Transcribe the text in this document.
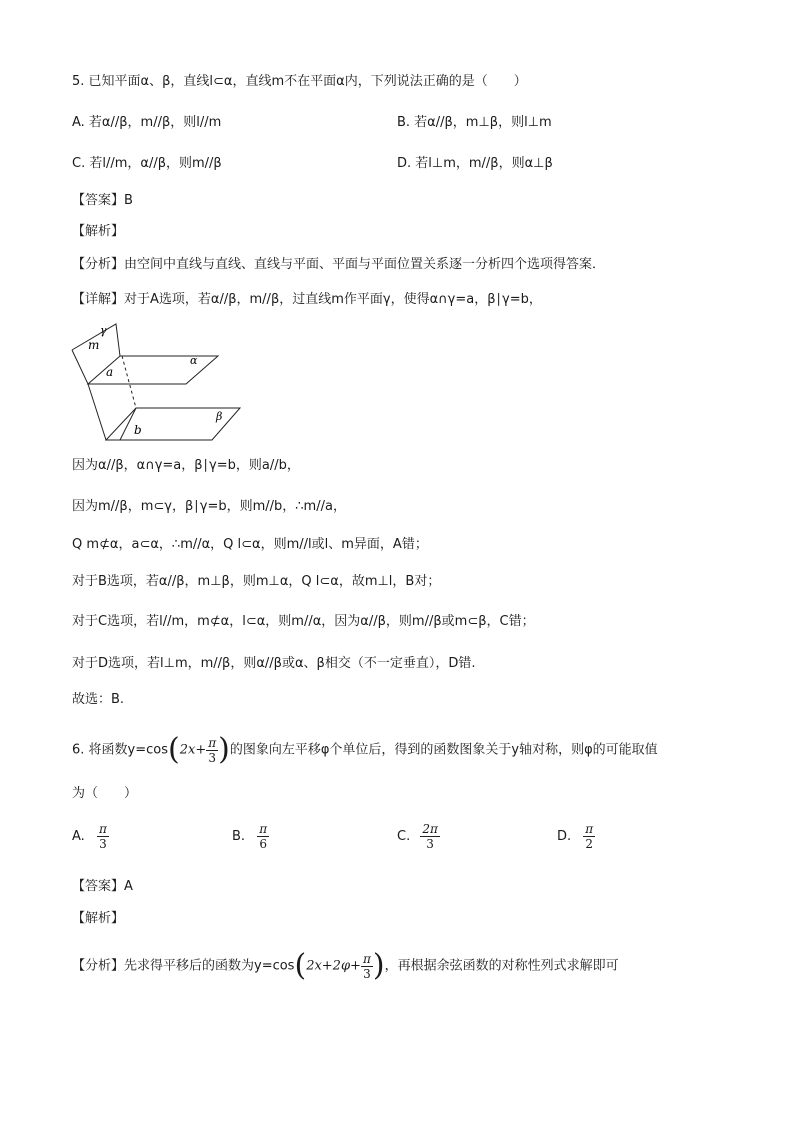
5. 已知平面α、β，直线l⊂α，直线m不在平面α内，下列说法正确的是（　　）
A. 若α//β，m//β，则l//m	B. 若α//β，m⊥β，则l⊥m
C. 若l//m，α//β，则m//β	D. 若l⊥m，m//β，则α⊥β
【答案】B
【解析】
【分析】由空间中直线与直线、直线与平面、平面与平面位置关系逐一分析四个选项得答案．
【详解】对于A选项，若α//β，m//β，过直线m作平面γ，使得α∩γ=a，β∣γ=b，
γ
m
α
a
β
b
因为α//β，α∩γ=a，β∣γ=b，则a//b，
因为m//β，m⊂γ，β∣γ=b，则m//b，∴m//a，
Q m⊄α，a⊂α，∴m//α，Q l⊂α，则m//l或l、m异面，A错；
对于B选项，若α//β，m⊥β，则m⊥α，Q l⊂α，故m⊥l，B对；
对于C选项，若l//m，m⊄α，l⊂α，则m//α，因为α//β，则m//β或m⊂β，C错；
对于D选项，若l⊥m，m//β，则α//β或α、β相交（不一定垂直），D错.
故选：B.
6. 将函数$y=\cos(2x+ \frac{\pi}{3}$ )的图象向左平移φ个单位后，得到的函数图象关于y轴对称，则φ的可能取值
为（　　）
A. $\frac{\pi}{3}$	B. $\frac{\pi}{6}$	C. $\frac{2\pi}{3}$	D. $\frac{\pi}{2}$
【答案】A
【解析】
【分析】先求得平移后的函数为$y=\cos(2x+2\varphi+ \frac{\pi}{3}$ )，再根据余弦函数的对称性列式求解即可
